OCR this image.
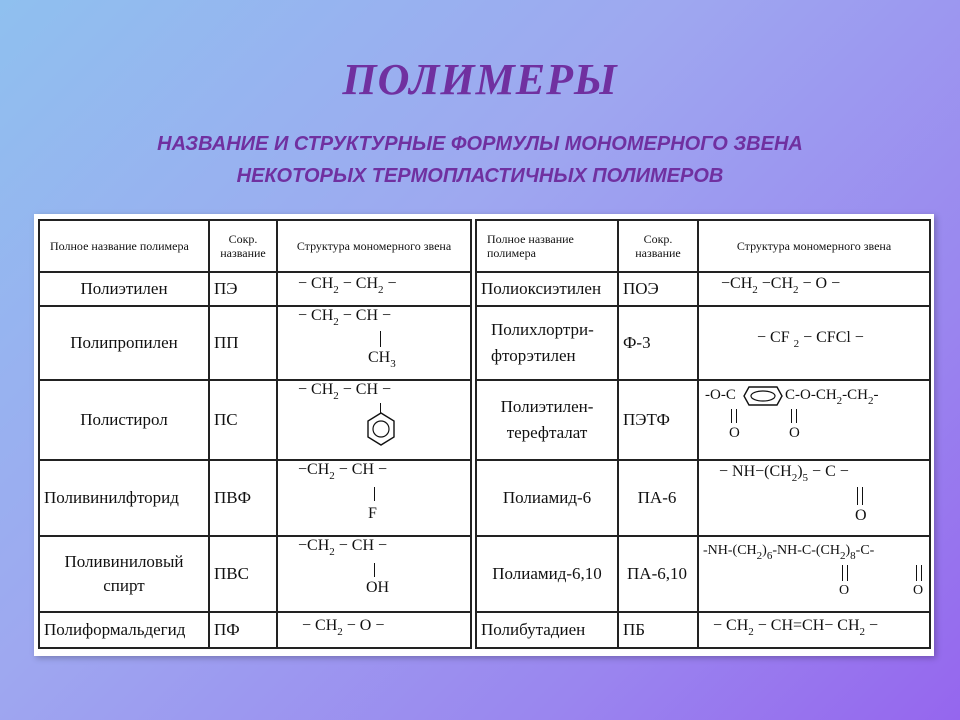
ПОЛИМЕРЫ
НАЗВАНИЕ И СТРУКТУРНЫЕ ФОРМУЛЫ МОНОМЕРНОГО ЗВЕНА
НЕКОТОРЫХ ТЕРМОПЛАСТИЧНЫХ ПОЛИМЕРОВ
Полное название полимера	Сокр. название	Структура мономерного звена
Полиэтилен	ПЭ	− $CH_2 - CH_2$ −

Полипропилен	ПП	− $CH_2$ − CH −
$CH_3$

Полистирол	ПС	− $CH_2$ − CH −

Поливинилфторид	ПВФ	$-CH_2$ − CH −
F

Поливиниловый спирт	ПВС	$-CH_2$ − CH −
OH

Полиформальдегид	ПФ	− $CH_2 - O$ −
Полное название полимера	Сокр. название	Структура мономерного звена
Полиоксиэтилен	ПОЭ	$-CH_2 -CH_2 - O$ −

Полихлортри- фторэтилен	Ф-3	− CF $_2$ − CFCl −

Полиэтилен- терефталат	ПЭТФ	-O-C $C-O-CH_2-CH_2-$
O O

Полиамид-6	ПА-6	− $NH-(CH_2)_5 - C$ −
O

Полиамид-6,10	ПА-6,10	$-NH-(CH_2)_6-NH-C-(CH_2)_8-C-$
O O

Полибутадиен	ПБ	− $CH_2 - CH=CH- CH_2$ −
